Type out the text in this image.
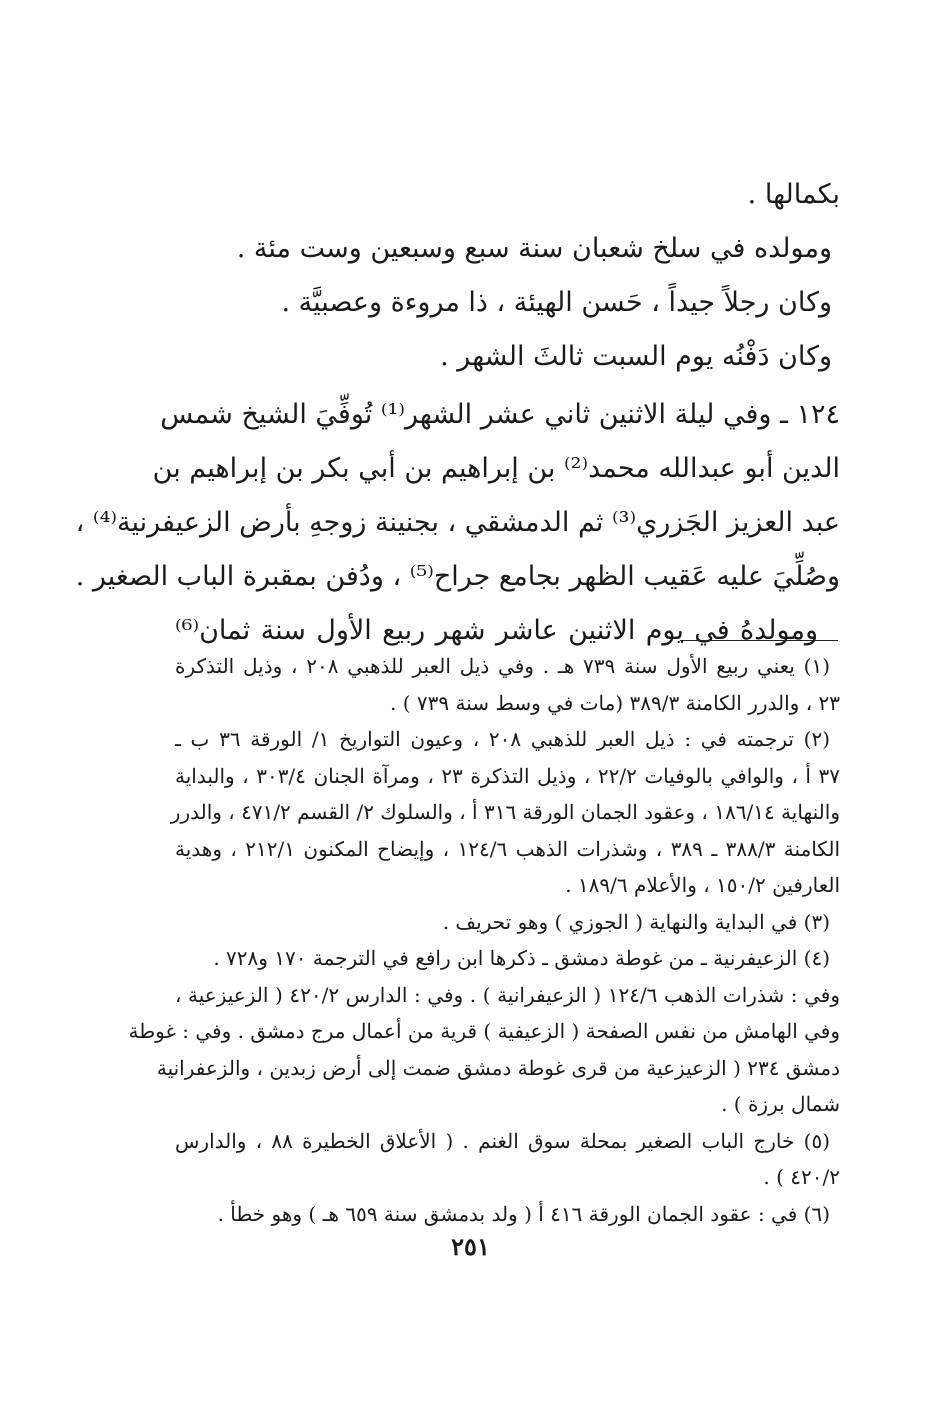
بكمالها .
ومولده في سلخ شعبان سنة سبع وسبعين وست مئة .
وكان رجلاً جيداً ، حَسن الهيئة ، ذا مروءة وعصبيَّة .
وكان دَفْنُه يوم السبت ثالثَ الشهر .
١٢٤ ـ وفي ليلة الاثنين ثاني عشر الشهر⁽¹⁾ تُوفِّيَ الشيخ شمس
الدين أبو عبدالله محمد⁽²⁾ بن إبراهيم بن أبي بكر بن إبراهيم بن
عبد العزيز الجَزري⁽³⁾ ثم الدمشقي ، بجنينة زوجهِ بأرض الزعيفرنية⁽⁴⁾ ،
وصُلِّيَ عليه عَقيب الظهر بجامع جراح⁽⁵⁾ ، ودُفن بمقبرة الباب الصغير .
ومولدهُ في يوم الاثنين عاشر شهر ربيع الأول سنة ثمان⁽⁶⁾
(١) يعني ربيع الأول سنة ٧٣٩ هـ . وفي ذيل العبر للذهبي ٢٠٨ ، وذيل التذكرة
٢٣ ، والدرر الكامنة ٣٨٩/٣ (مات في وسط سنة ٧٣٩ ) .
(٢) ترجمته في : ذيل العبر للذهبي ٢٠٨ ، وعيون التواريخ ١/ الورقة ٣٦ ب ـ
٣٧ أ ، والوافي بالوفيات ٢٢/٢ ، وذيل التذكرة ٢٣ ، ومرآة الجنان ٣٠٣/٤ ، والبداية
والنهاية ١٨٦/١٤ ، وعقود الجمان الورقة ٣١٦ أ ، والسلوك ٢/ القسم ٤٧١/٢ ، والدرر
الكامنة ٣٨٨/٣ ـ ٣٨٩ ، وشذرات الذهب ١٢٤/٦ ، وإيضاح المكنون ٢١٢/١ ، وهدية
العارفين ١٥٠/٢ ، والأعلام ١٨٩/٦ .
(٣) في البداية والنهاية ( الجوزي ) وهو تحريف .
(٤) الزعيفرنية ـ من غوطة دمشق ـ ذكرها ابن رافع في الترجمة ١٧٠ و٧٢٨ .
وفي : شذرات الذهب ١٢٤/٦ ( الزعيفرانية ) . وفي : الدارس ٤٢٠/٢ ( الزعيزعية ،
وفي الهامش من نفس الصفحة ( الزعيفية ) قرية من أعمال مرج دمشق . وفي : غوطة
دمشق ٢٣٤ ( الزعيزعية من قرى غوطة دمشق ضمت إلى أرض زبدين ، والزعفرانية
شمال برزة ) .
(٥) خارج الباب الصغير بمحلة سوق الغنم . ( الأعلاق الخطيرة ٨٨ ، والدارس
٤٢٠/٢ ) .
(٦) في : عقود الجمان الورقة ٤١٦ أ ( ولد بدمشق سنة ٦٥٩ هـ ) وهو خطأ .
٢٥١
